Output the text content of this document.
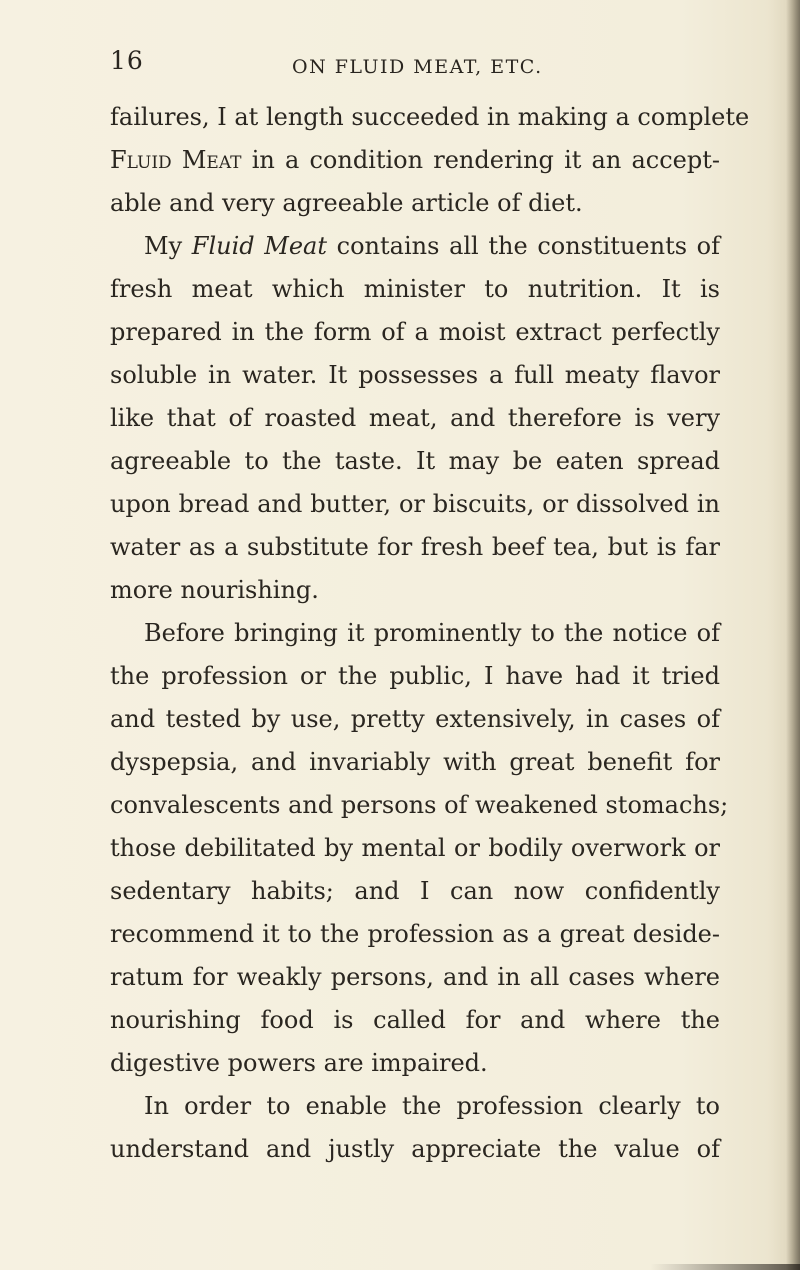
16	ON FLUID MEAT, ETC.
failures, I at length succeeded in making a complete
Fluid Meat in a condition rendering it an accept-
able and very agreeable article of diet.
My Fluid Meat contains all the constituents of
fresh meat which minister to nutrition. It is
prepared in the form of a moist extract perfectly
soluble in water. It possesses a full meaty flavor
like that of roasted meat, and therefore is very
agreeable to the taste. It may be eaten spread
upon bread and butter, or biscuits, or dissolved in
water as a substitute for fresh beef tea, but is far
more nourishing.
Before bringing it prominently to the notice of
the profession or the public, I have had it tried
and tested by use, pretty extensively, in cases of
dyspepsia, and invariably with great benefit for
convalescents and persons of weakened stomachs;
those debilitated by mental or bodily overwork or
sedentary habits; and I can now confidently
recommend it to the profession as a great deside-
ratum for weakly persons, and in all cases where
nourishing food is called for and where the
digestive powers are impaired.
In order to enable the profession clearly to
understand and justly appreciate the value of
